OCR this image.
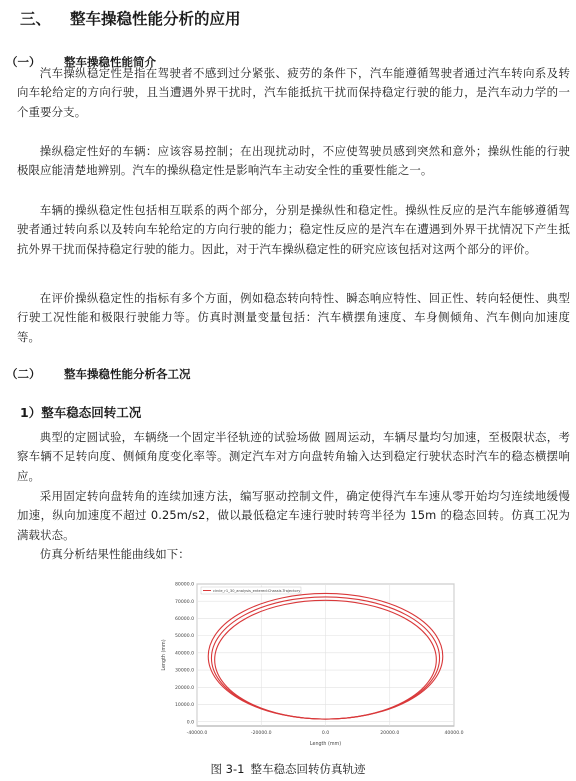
三、 整车操稳性能分析的应用
（一） 整车操稳性能简介

汽车操纵稳定性是指在驾驶者不感到过分紧张、疲劳的条件下，汽车能遵循驾驶者通过汽车转向系及转向车轮给定的方向行驶，且当遭遇外界干扰时，汽车能抵抗干扰而保持稳定行驶的能力，是汽车动力学的一个重要分支。

操纵稳定性好的车辆：应该容易控制；在出现扰动时，不应使驾驶员感到突然和意外；操纵性能的行驶极限应能清楚地辨别。汽车的操纵稳定性是影响汽车主动安全性的重要性能之一。

车辆的操纵稳定性包括相互联系的两个部分，分别是操纵性和稳定性。操纵性反应的是汽车能够遵循驾驶者通过转向系以及转向车轮给定的方向行驶的能力；稳定性反应的是汽车在遭遇到外界干扰情况下产生抵抗外界干扰而保持稳定行驶的能力。因此，对于汽车操纵稳定性的研究应该包括对这两个部分的评价。

在评价操纵稳定性的指标有多个方面，例如稳态转向特性、瞬态响应特性、回正性、转向轻便性、典型行驶工况性能和极限行驶能力等。仿真时测量变量包括：汽车横摆角速度、车身侧倾角、汽车侧向加速度等。

（二） 整车操稳性能分析各工况
1）整车稳态回转工况

典型的定圆试验，车辆绕一个固定半径轨迹的试验场做 圆周运动，车辆尽量均匀加速，至极限状态，考察车辆不足转向度、侧倾角度变化率等。测定汽车对方向盘转角输入达到稳定行驶状态时汽车的稳态横摆响应。

采用固定转向盘转角的连续加速方法，编写驱动控制文件，确定使得汽车车速从零开始均匀连续地缓慢加速，纵向加速度不超过 0.25m/s2，做以最低稳定车速行驶时转弯半径为 15m 的稳态回转。仿真工况为满载状态。

仿真分析结果性能曲线如下：

-40000.0	-20000.0	0.0	20000.0	40000.0
0.0
10000.0
20000.0
30000.0
40000.0
50000.0
60000.0
70000.0
80000.0
Length (mm)
Length (mm)
circle_r1_30_analysis_entered:Chassis.Trajectory
图 3-1 整车稳态回转仿真轨迹
